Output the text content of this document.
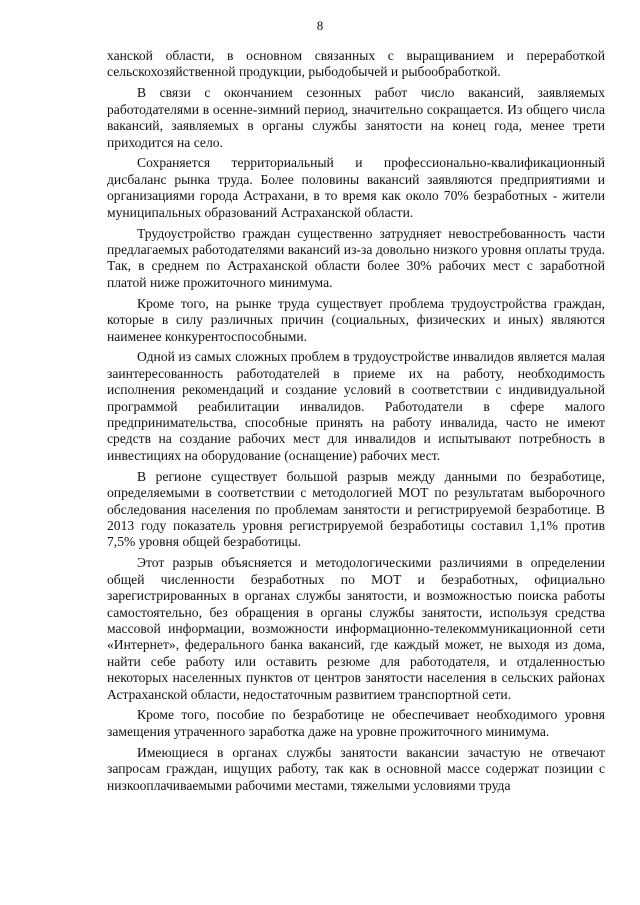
8

ханской области, в основном связанных с выращиванием и переработкой сельскохозяйственной продукции, рыбодобычей и рыбообработкой.

В связи с окончанием сезонных работ число вакансий, заявляемых работодателями в осенне-зимний период, значительно сокращается. Из общего числа вакансий, заявляемых в органы службы занятости на конец года, менее трети приходится на село.

Сохраняется территориальный и профессионально-квалификационный дисбаланс рынка труда. Более половины вакансий заявляются предприятиями и организациями города Астрахани, в то время как около 70% безработных - жители муниципальных образований Астраханской области.

Трудоустройство граждан существенно затрудняет невостребованность части предлагаемых работодателями вакансий из-за довольно низкого уровня оплаты труда. Так, в среднем по Астраханской области более 30% рабочих мест с заработной платой ниже прожиточного минимума.

Кроме того, на рынке труда существует проблема трудоустройства граждан, которые в силу различных причин (социальных, физических и иных) являются наименее конкурентоспособными.

Одной из самых сложных проблем в трудоустройстве инвалидов является малая заинтересованность работодателей в приеме их на работу, необходимость исполнения рекомендаций и создание условий в соответствии с индивидуальной программой реабилитации инвалидов. Работодатели в сфере малого предпринимательства, способные принять на работу инвалида, часто не имеют средств на создание рабочих мест для инвалидов и испытывают потребность в инвестициях на оборудование (оснащение) рабочих мест.

В регионе существует большой разрыв между данными по безработице, определяемыми в соответствии с методологией МОТ по результатам выборочного обследования населения по проблемам занятости и регистрируемой безработице. В 2013 году показатель уровня регистрируемой безработицы составил 1,1% против 7,5% уровня общей безработицы.

Этот разрыв объясняется и методологическими различиями в определении общей численности безработных по МОТ и безработных, официально зарегистрированных в органах службы занятости, и возможностью поиска работы самостоятельно, без обращения в органы службы занятости, используя средства массовой информации, возможности информационно-телекоммуникационной сети «Интернет», федерального банка вакансий, где каждый может, не выходя из дома, найти себе работу или оставить резюме для работодателя, и отдаленностью некоторых населенных пунктов от центров занятости населения в сельских районах Астраханской области, недостаточным развитием транспортной сети.

Кроме того, пособие по безработице не обеспечивает необходимого уровня замещения утраченного заработка даже на уровне прожиточного минимума.

Имеющиеся в органах службы занятости вакансии зачастую не отвечают запросам граждан, ищущих работу, так как в основной массе содержат позиции с низкооплачиваемыми рабочими местами, тяжелыми условиями труда
